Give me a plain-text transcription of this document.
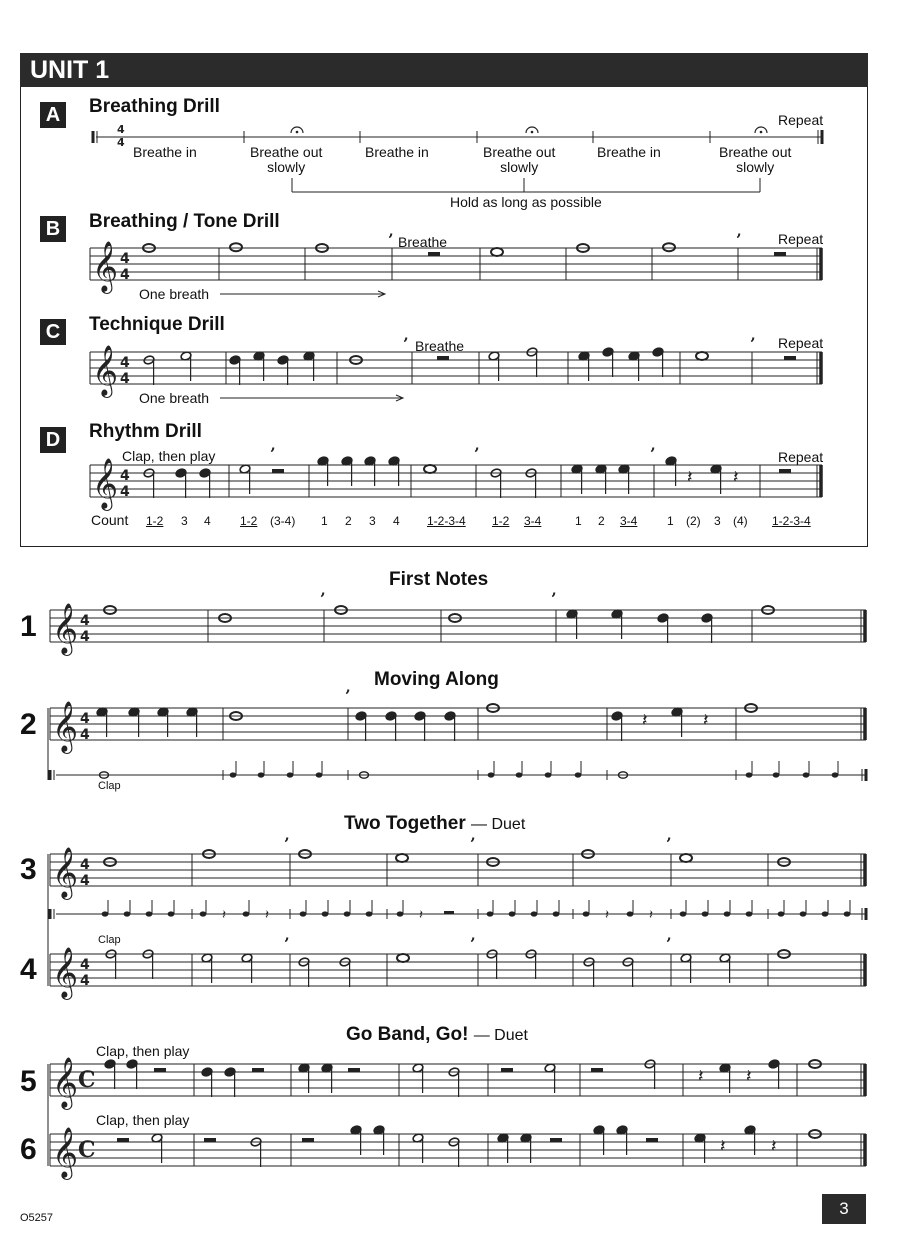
UNIT 1
A	Breathing Drill
Repeat
Hold as long as possible
Breathe in	Breathe out
slowly
Breathe in	Breathe out
slowly
Breathe in	Breathe out
slowly
B	Breathing / Tone Drill
Breathe	Repeat
One breath
C	Technique Drill
Breathe	Repeat
One breath
D	Rhythm Drill
Clap, then play	Repeat
Count 1-2 3 4 1-2 (3-4) 1 2 3 4 1-2-3-4 1-2 3-4	1 2 3-4 1 (2) 3 (4) 1-2-3-4
First Notes
1
Moving Along
2
Clap
Two Together — Duet
3
Clap
4
Go Band, Go! — Duet
Clap, then play
5
Clap, then play
6
O5257	3
4
4
𝄞 4
4
’	’
𝄞 4
4
’	’
𝄞 4
4
’	’	’
𝄽 𝄽
𝄞 4
4
’	’
𝄞 4
4
’
𝄽	𝄽
𝄞 4
4
’	’	’
𝄽	𝄽	𝄽	𝄽	𝄽
𝄞 4
4
’	’	’
𝄞 C	𝄽 𝄽
𝄞 C	𝄽	𝄽
